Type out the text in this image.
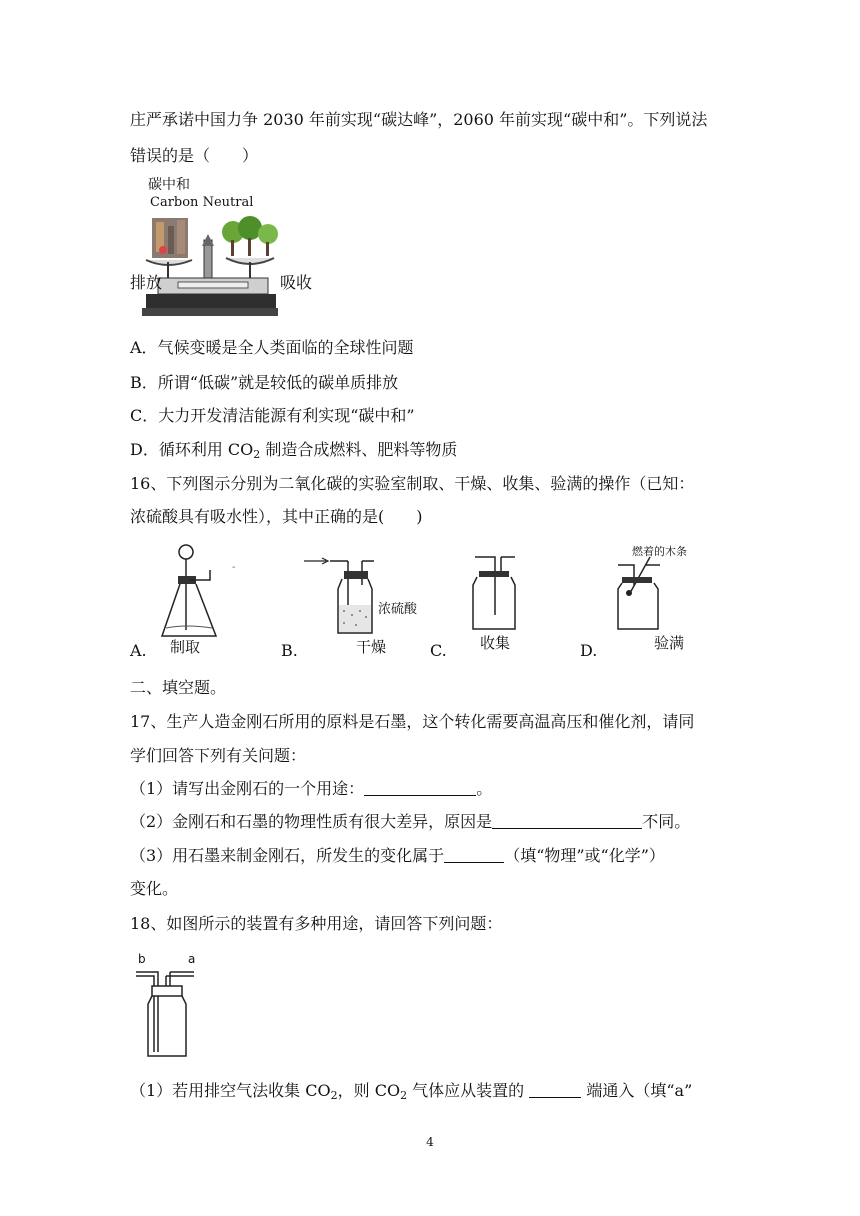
庄严承诺中国力争 2030 年前实现“碳达峰”，2060 年前实现“碳中和”。下列说法
错误的是（　　）
碳中和
Carbon Neutral
排放	吸收
A．气候变暖是全人类面临的全球性问题
B．所谓“低碳”就是较低的碳单质排放
C．大力开发清洁能源有利实现“碳中和”
D．循环利用 $CO_2$ 制造合成燃料、肥料等物质
16、下列图示分别为二氧化碳的实验室制取、干燥、收集、验满的操作（已知：
浓硫酸具有吸水性），其中正确的是(　　)
-
A. 制取
浓硫酸
B.	干燥	C. 收集
燃着的木条
D.	验满
二、填空题。
17、生产人造金刚石所用的原料是石墨，这个转化需要高温高压和催化剂，请同
学们回答下列有关问题：
（1）请写出金刚石的一个用途：	。
（2）金刚石和石墨的物理性质有很大差异，原因是	不同。
（3）用石墨来制金刚石，所发生的变化属于	（填“物理”或“化学”）
变化。
18、如图所示的装置有多种用途，请回答下列问题：
b	a
（1）若用排空气法收集 $CO_2$，则 $CO_2$ 气体应从装置的	端通入（填“a”
4
